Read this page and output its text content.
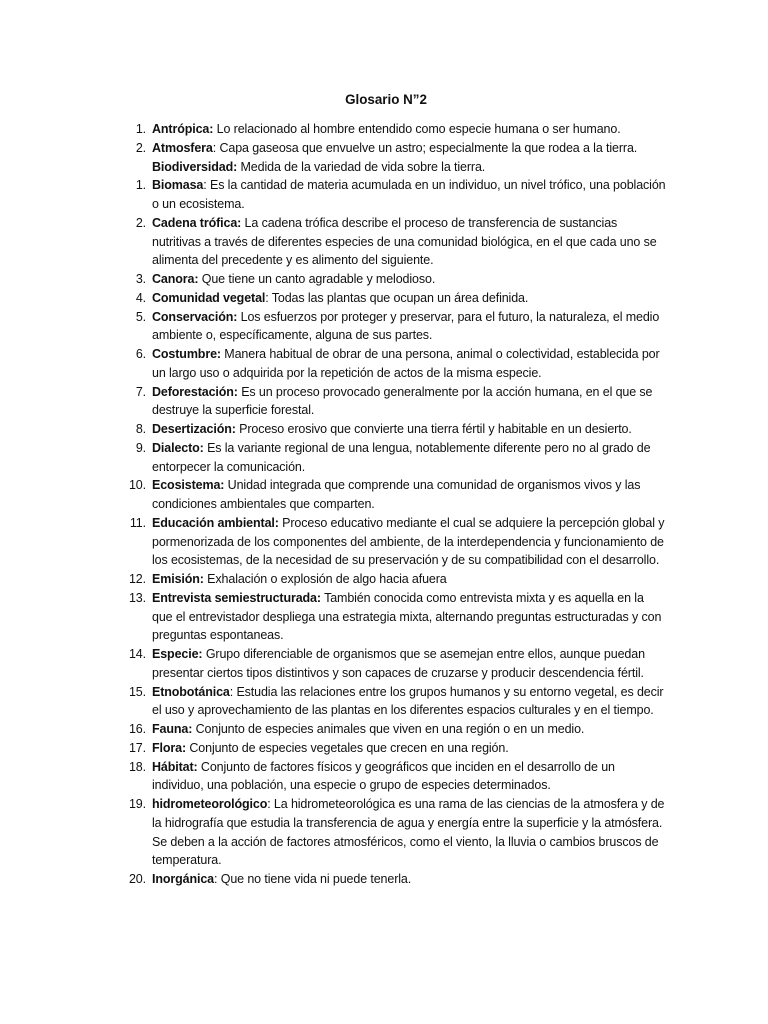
Glosario N”2
1. Antrópica: Lo relacionado al hombre entendido como especie humana o ser humano.
2. Atmosfera: Capa gaseosa que envuelve un astro; especialmente la que rodea a la tierra.
Biodiversidad: Medida de la variedad de vida sobre la tierra.
1. Biomasa: Es la cantidad de materia acumulada en un individuo, un nivel trófico, una población o un ecosistema.
2. Cadena trófica: La cadena trófica describe el proceso de transferencia de sustancias nutritivas a través de diferentes especies de una comunidad biológica, en el que cada uno se alimenta del precedente y es alimento del siguiente.
3. Canora: Que tiene un canto agradable y melodioso.
4. Comunidad vegetal: Todas las plantas que ocupan un área definida.
5. Conservación: Los esfuerzos por proteger y preservar, para el futuro, la naturaleza, el medio ambiente o, específicamente, alguna de sus partes.
6. Costumbre: Manera habitual de obrar de una persona, animal o colectividad, establecida por un largo uso o adquirida por la repetición de actos de la misma especie.
7. Deforestación: Es un proceso provocado generalmente por la acción humana, en el que se destruye la superficie forestal.
8. Desertización: Proceso erosivo que convierte una tierra fértil y habitable en un desierto.
9. Dialecto: Es la variante regional de una lengua, notablemente diferente pero no al grado de entorpecer la comunicación.
10. Ecosistema: Unidad integrada que comprende una comunidad de organismos vivos y las condiciones ambientales que comparten.
11. Educación ambiental: Proceso educativo mediante el cual se adquiere la percepción global y pormenorizada de los componentes del ambiente, de la interdependencia y funcionamiento de los ecosistemas, de la necesidad de su preservación y de su compatibilidad con el desarrollo.
12. Emisión: Exhalación o explosión de algo hacia afuera
13. Entrevista semiestructurada: También conocida como entrevista mixta y es aquella en la que el entrevistador despliega una estrategia mixta, alternando preguntas estructuradas y con preguntas espontaneas.
14. Especie: Grupo diferenciable de organismos que se asemejan entre ellos, aunque puedan presentar ciertos tipos distintivos y son capaces de cruzarse y producir descendencia fértil.
15. Etnobotánica: Estudia las relaciones entre los grupos humanos y su entorno vegetal, es decir el uso y aprovechamiento de las plantas en los diferentes espacios culturales y en el tiempo.
16. Fauna: Conjunto de especies animales que viven en una región o en un medio.
17. Flora: Conjunto de especies vegetales que crecen en una región.
18. Hábitat: Conjunto de factores físicos y geográficos que inciden en el desarrollo de un individuo, una población, una especie o grupo de especies determinados.
19. hidrometeorológico: La hidrometeorológica es una rama de las ciencias de la atmosfera y de la hidrografía que estudia la transferencia de agua y energía entre la superficie y la atmósfera. Se deben a la acción de factores atmosféricos, como el viento, la lluvia o cambios bruscos de temperatura.
20. Inorgánica: Que no tiene vida ni puede tenerla.
